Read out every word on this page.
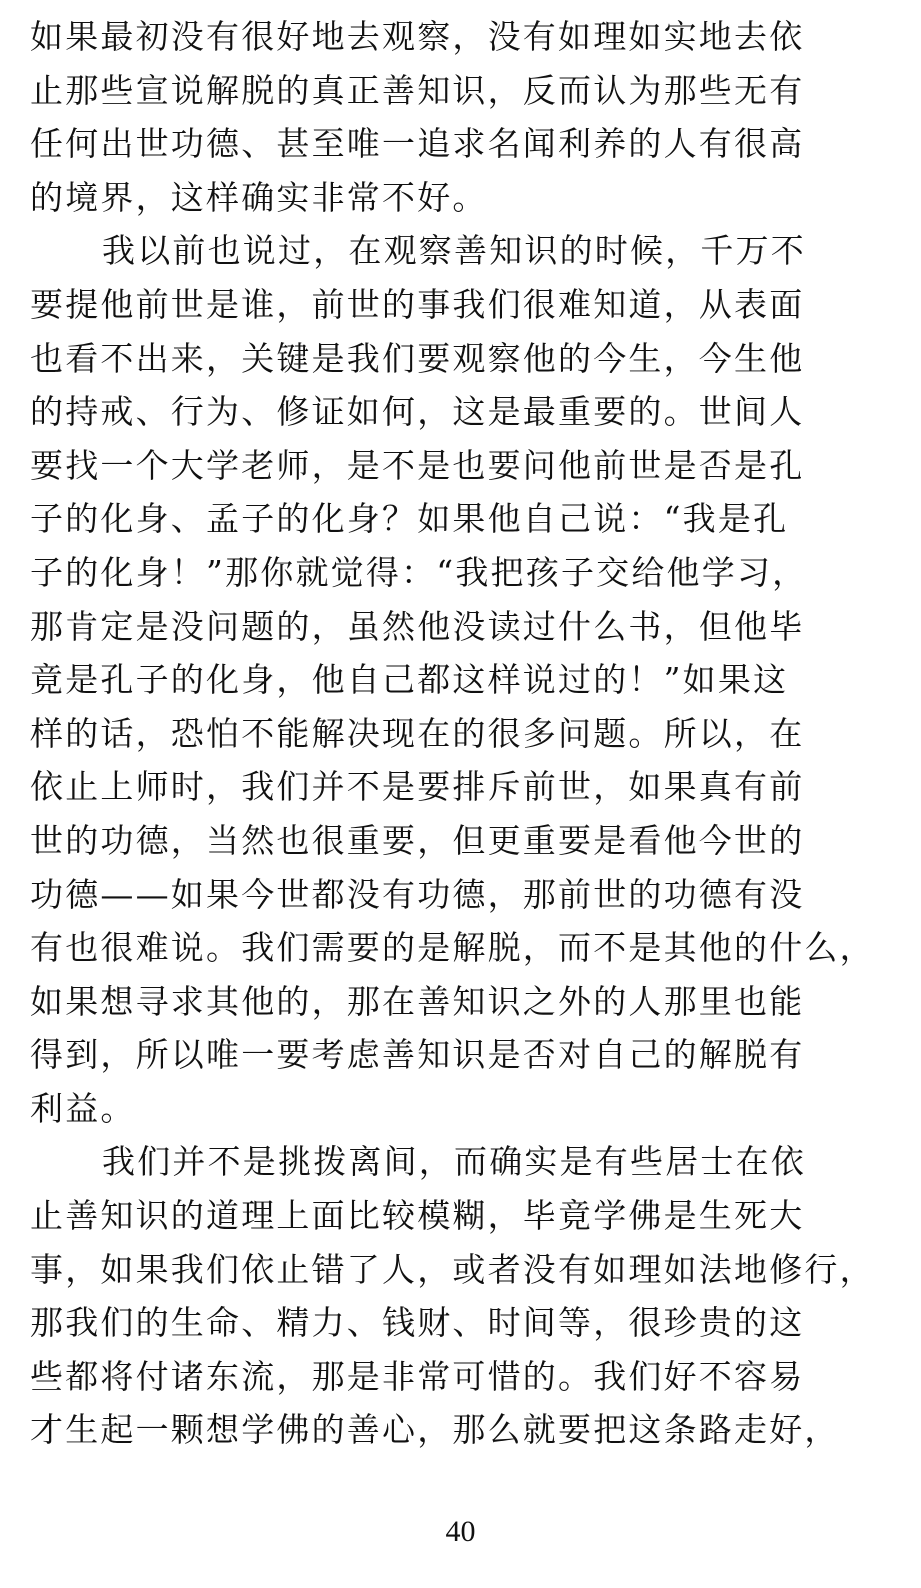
如果最初没有很好地去观察，没有如理如实地去依
止那些宣说解脱的真正善知识，反而认为那些无有
任何出世功德、甚至唯一追求名闻利养的人有很高
的境界，这样确实非常不好。
我以前也说过，在观察善知识的时候，千万不
要提他前世是谁，前世的事我们很难知道，从表面
也看不出来，关键是我们要观察他的今生，今生他
的持戒、行为、修证如何，这是最重要的。世间人
要找一个大学老师，是不是也要问他前世是否是孔
子的化身、孟子的化身？如果他自己说：“我是孔
子的化身！”那你就觉得：“我把孩子交给他学习，
那肯定是没问题的，虽然他没读过什么书，但他毕
竟是孔子的化身，他自己都这样说过的！”如果这
样的话，恐怕不能解决现在的很多问题。所以，在
依止上师时，我们并不是要排斥前世，如果真有前
世的功德，当然也很重要，但更重要是看他今世的
功德——如果今世都没有功德，那前世的功德有没
有也很难说。我们需要的是解脱，而不是其他的什么，
如果想寻求其他的，那在善知识之外的人那里也能
得到，所以唯一要考虑善知识是否对自己的解脱有
利益。
我们并不是挑拨离间，而确实是有些居士在依
止善知识的道理上面比较模糊，毕竟学佛是生死大
事，如果我们依止错了人，或者没有如理如法地修行，
那我们的生命、精力、钱财、时间等，很珍贵的这
些都将付诸东流，那是非常可惜的。我们好不容易
才生起一颗想学佛的善心，那么就要把这条路走好，
40
